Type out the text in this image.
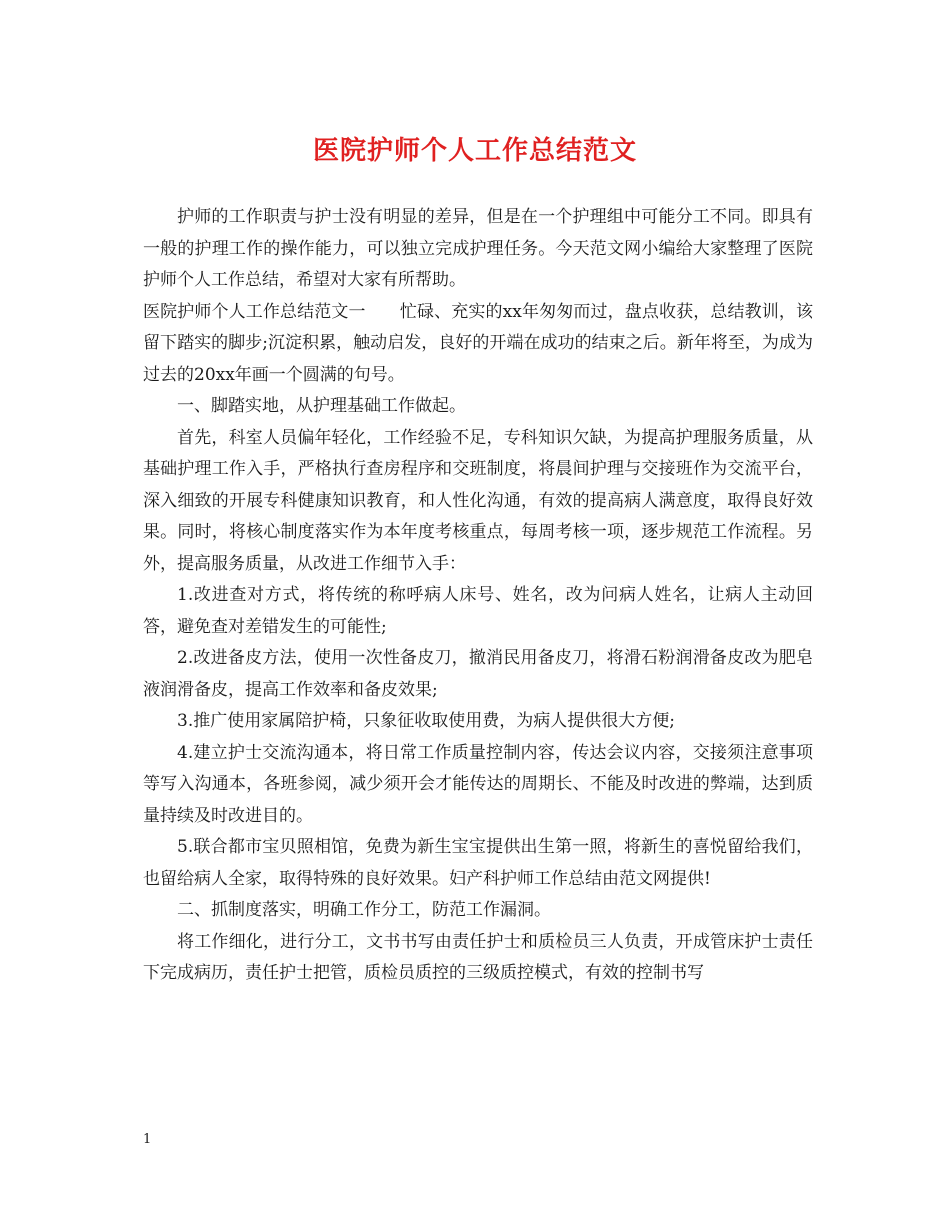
医院护师个人工作总结范文

护师的工作职责与护士没有明显的差异，但是在一个护理组中可能分工不同。即具有一般的护理工作的操作能力，可以独立完成护理任务。今天范文网小编给大家整理了医院护师个人工作总结，希望对大家有所帮助。

医院护师个人工作总结范文一　　忙碌、充实的xx年匆匆而过，盘点收获，总结教训，该留下踏实的脚步;沉淀积累，触动启发，良好的开端在成功的结束之后。新年将至，为成为过去的20xx年画一个圆满的句号。

一、脚踏实地，从护理基础工作做起。

首先，科室人员偏年轻化，工作经验不足，专科知识欠缺，为提高护理服务质量，从基础护理工作入手，严格执行查房程序和交班制度，将晨间护理与交接班作为交流平台，深入细致的开展专科健康知识教育，和人性化沟通，有效的提高病人满意度，取得良好效果。同时，将核心制度落实作为本年度考核重点，每周考核一项，逐步规范工作流程。另外，提高服务质量，从改进工作细节入手：

1.改进查对方式，将传统的称呼病人床号、姓名，改为问病人姓名，让病人主动回答，避免查对差错发生的可能性;

2.改进备皮方法，使用一次性备皮刀，撤消民用备皮刀，将滑石粉润滑备皮改为肥皂液润滑备皮，提高工作效率和备皮效果;

3.推广使用家属陪护椅，只象征收取使用费，为病人提供很大方便;

4.建立护士交流沟通本，将日常工作质量控制内容，传达会议内容，交接须注意事项等写入沟通本，各班参阅，减少须开会才能传达的周期长、不能及时改进的弊端，达到质量持续及时改进目的。

5.联合都市宝贝照相馆，免费为新生宝宝提供出生第一照，将新生的喜悦留给我们，也留给病人全家，取得特殊的良好效果。妇产科护师工作总结由范文网提供!

二、抓制度落实，明确工作分工，防范工作漏洞。

将工作细化，进行分工，文书书写由责任护士和质检员三人负责，开成管床护士责任下完成病历，责任护士把管，质检员质控的三级质控模式，有效的控制书写

1
